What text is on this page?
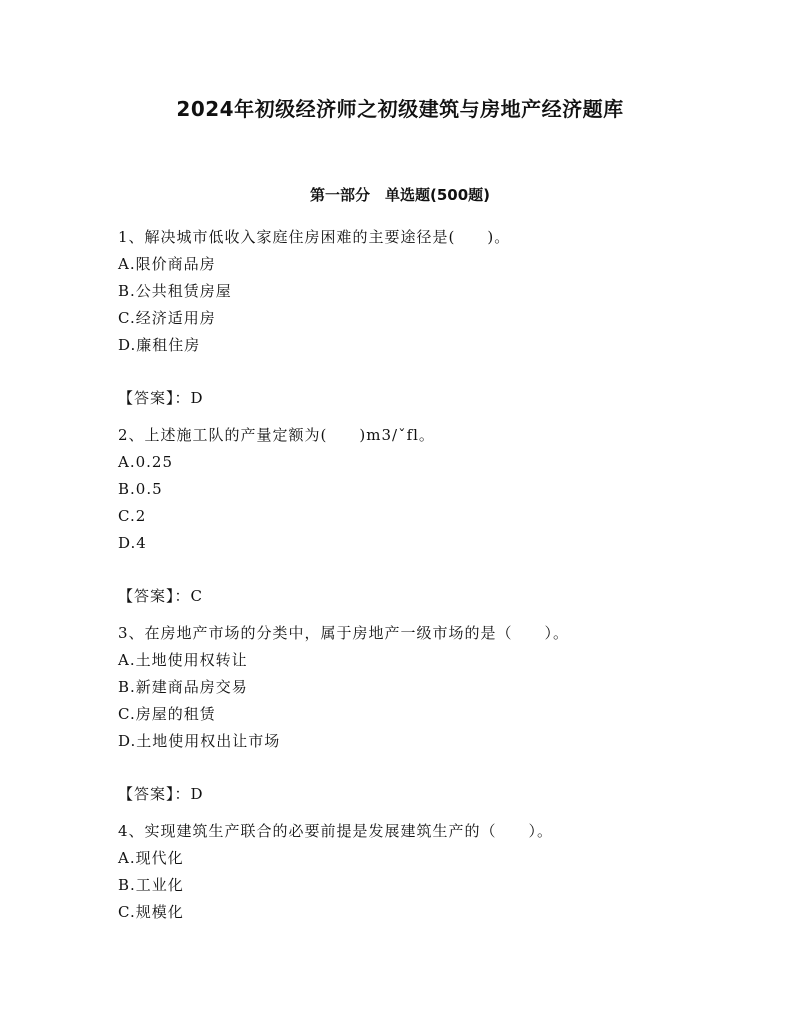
2024年初级经济师之初级建筑与房地产经济题库
第一部分　单选题(500题)
1、解决城市低收入家庭住房困难的主要途径是(　　)。
A.限价商品房
B.公共租赁房屋
C.经济适用房
D.廉租住房
【答案】：D
2、上述施工队的产量定额为(　　)m3/ˇfl。
A.0.25
B.0.5
C.2
D.4
【答案】：C
3、在房地产市场的分类中，属于房地产一级市场的是（　　）。
A.土地使用权转让
B.新建商品房交易
C.房屋的租赁
D.土地使用权出让市场
【答案】：D
4、实现建筑生产联合的必要前提是发展建筑生产的（　　）。
A.现代化
B.工业化
C.规模化
